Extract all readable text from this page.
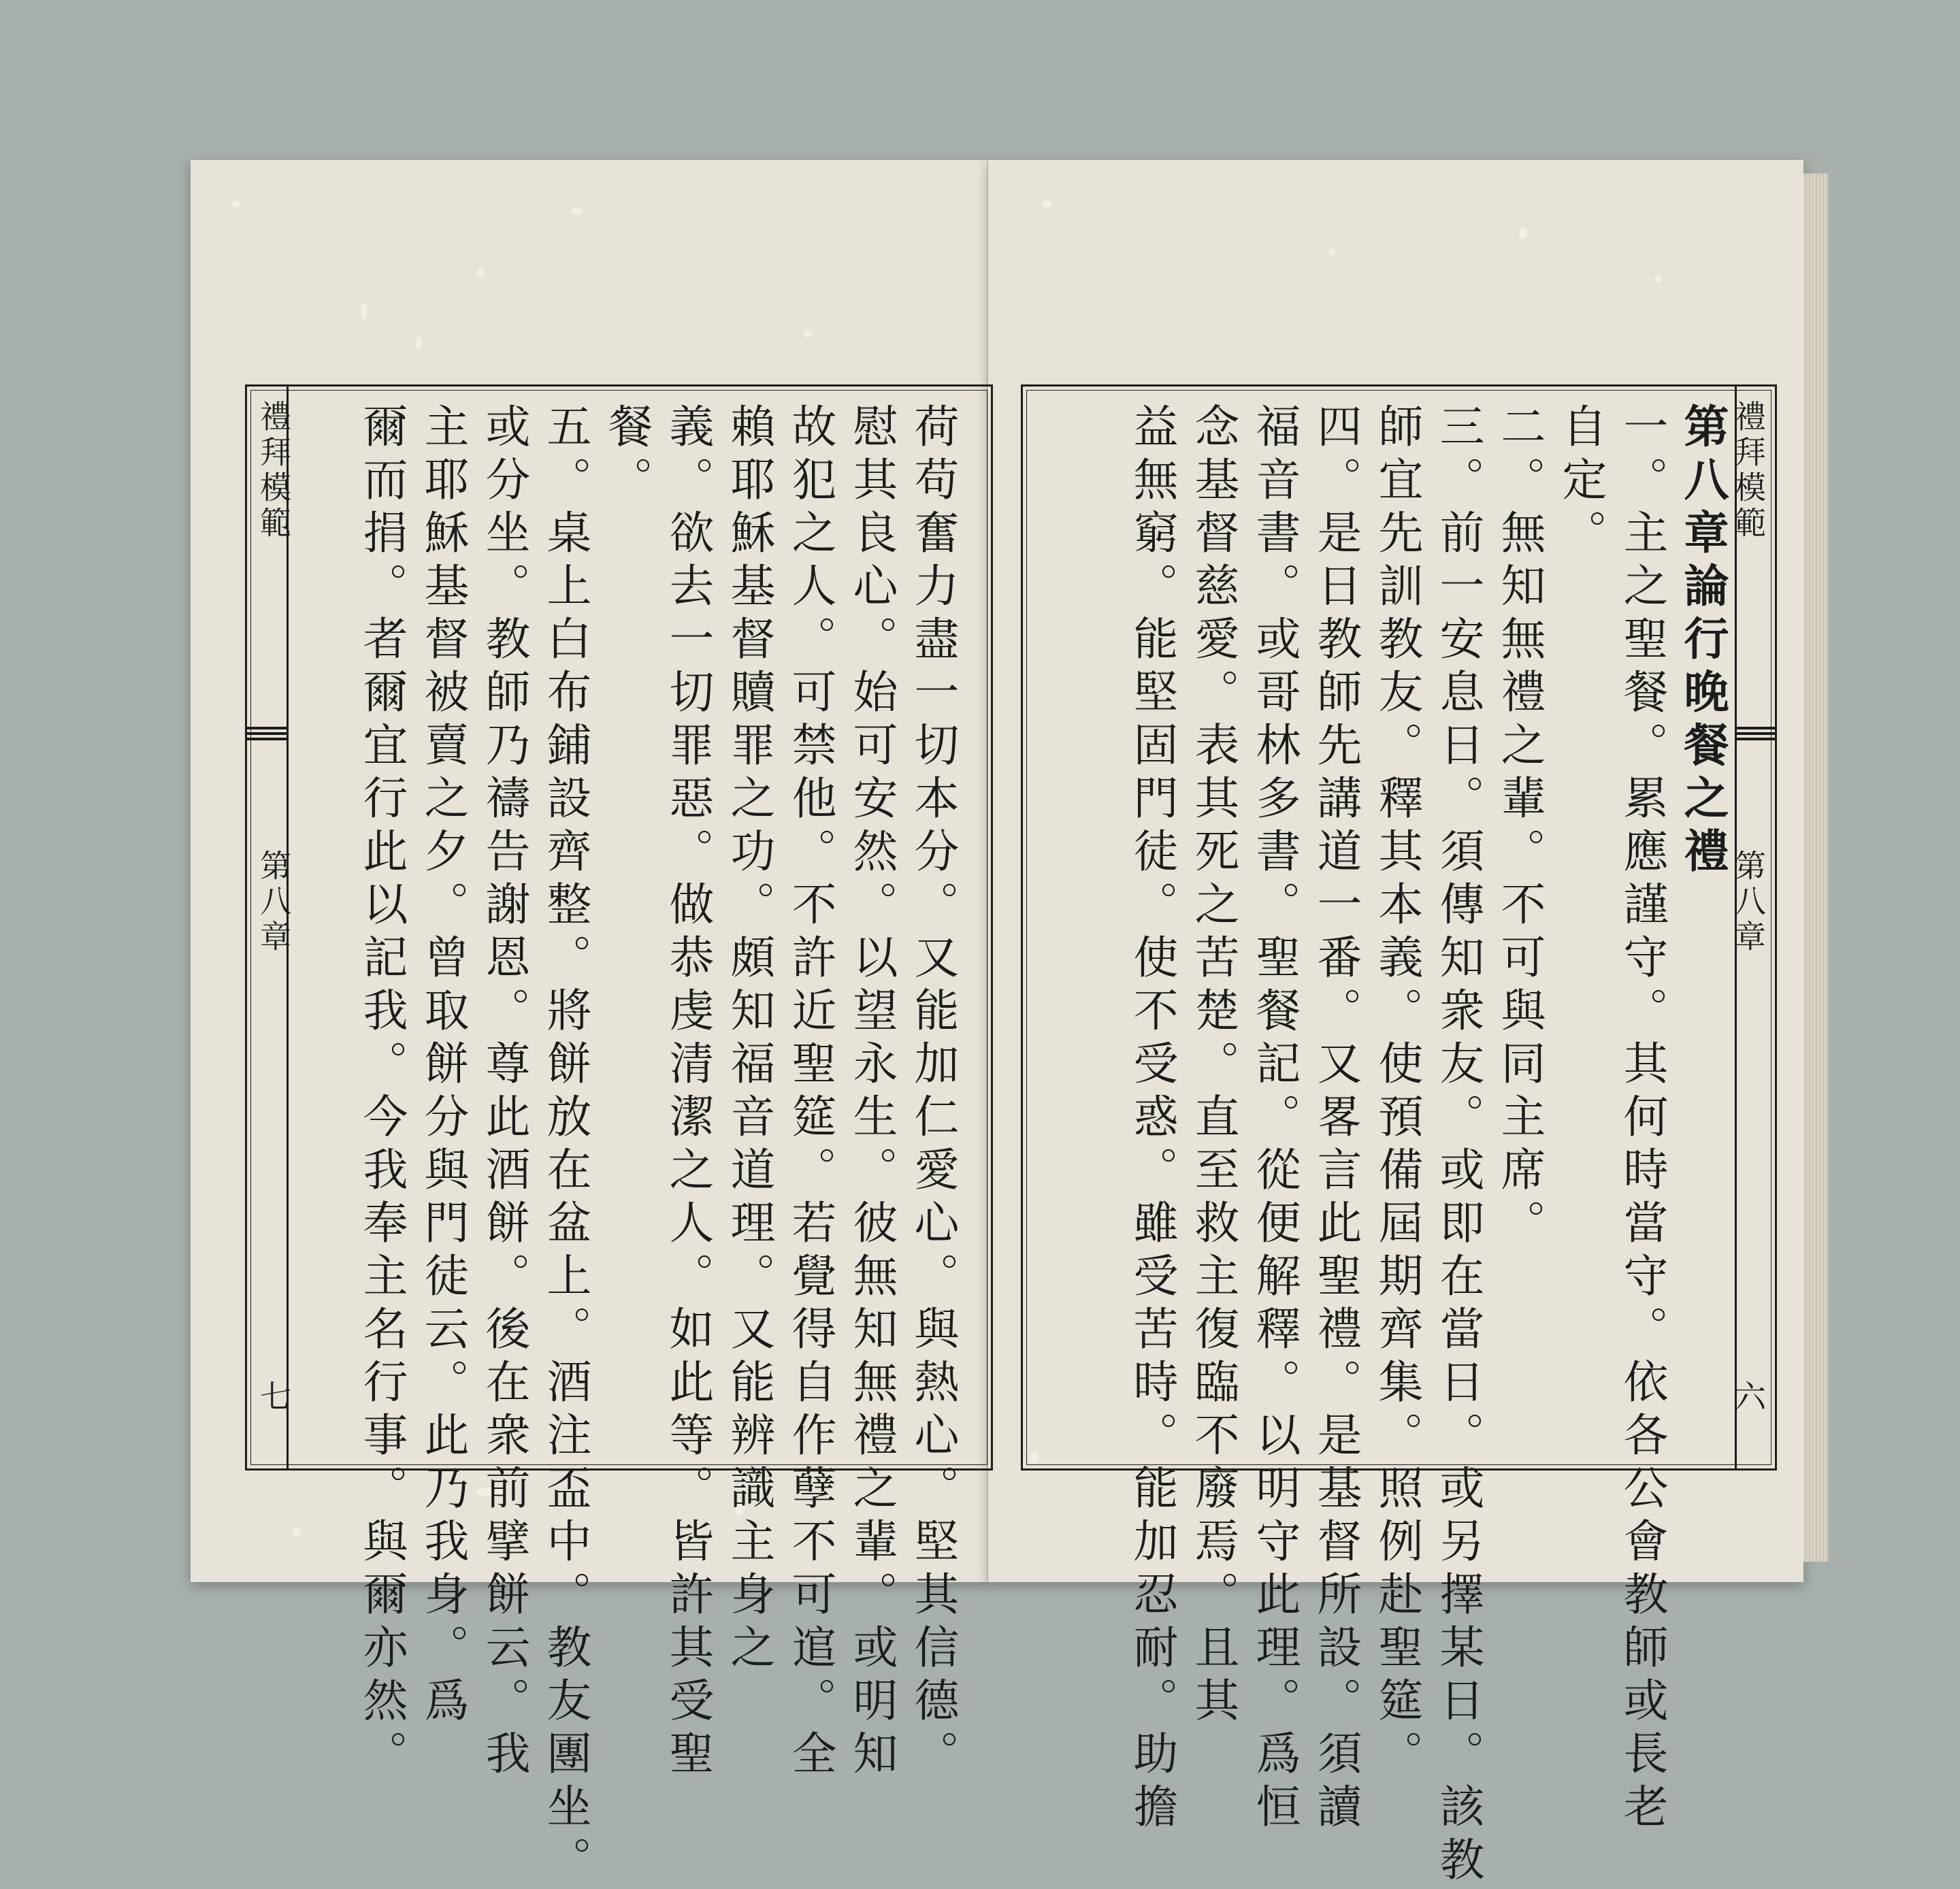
禮拜模範
第八章
七	荷苟奮力盡一切本分。又能加仁愛心。與熱心。堅其信德。
慰其良心。始可安然。以望永生。彼無知無禮之輩。或明知
故犯之人。可禁他。不許近聖筵。若覺得自作孽不可逭。全
賴耶穌基督贖罪之功。頗知福音道理。又能辨識主身之
義。欲去一切罪惡。做恭虔清潔之人。如此等。皆許其受聖
餐。
五。桌上白布鋪設齊整。將餅放在盆上。酒注盃中。教友團坐。
或分坐。教師乃禱告謝恩。尊此酒餅。後在衆前擘餅云。我
主耶穌基督被賣之夕。曾取餅分與門徒云。此乃我身。爲
爾而捐。者爾宜行此以記我。今我奉主名行事。與爾亦然。	禮拜模範
第八章
六
第八章論行晚餐之禮
一。主之聖餐。累應謹守。其何時當守。依各公會教師或長老
自定。
二。無知無禮之輩。不可與同主席。
三。前一安息日。須傳知衆友。或即在當日。或另擇某日。該教
師宜先訓教友。釋其本義。使預備屆期齊集。照例赴聖筵。
四。是日教師先講道一番。又畧言此聖禮。是基督所設。須讀
福音書。或哥林多書。聖餐記。從便解釋。以明守此理。爲恒
念基督慈愛。表其死之苦楚。直至救主復臨不廢焉。且其
益無窮。能堅固門徒。使不受惑。雖受苦時。能加忍耐。助擔
